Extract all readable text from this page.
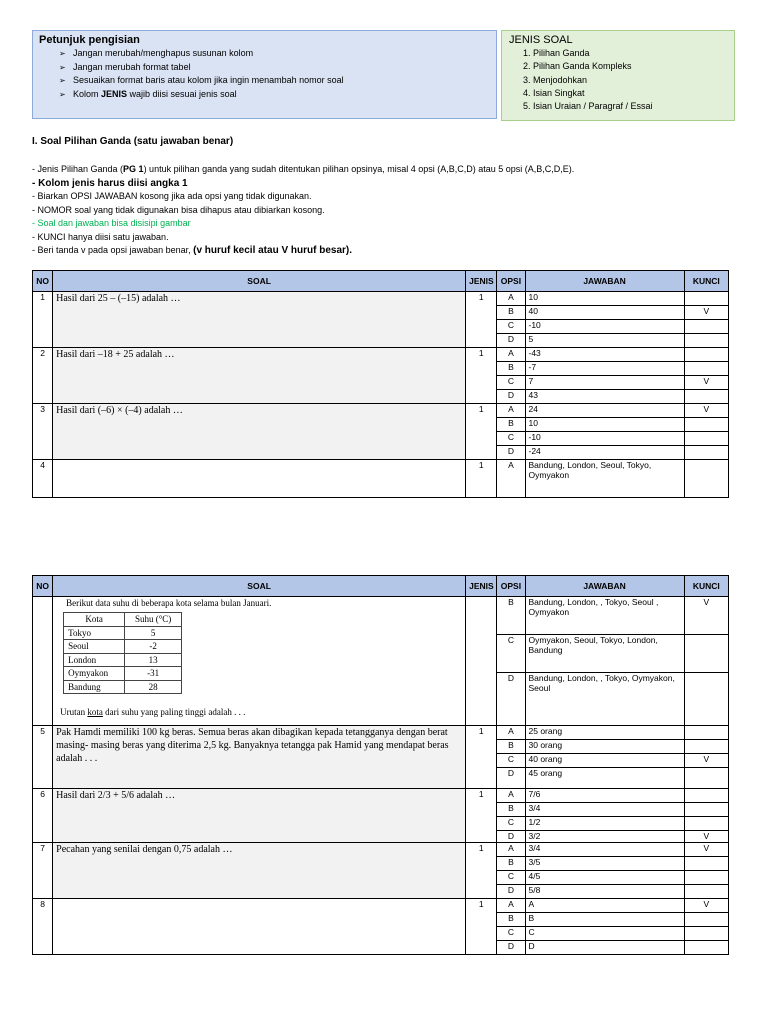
Petunjuk pengisian
➢ Jangan merubah/menghapus susunan kolom
➢ Jangan merubah format tabel
➢ Sesuaikan format baris atau kolom jika ingin menambah nomor soal
➢ Kolom JENIS wajib diisi sesuai jenis soal
JENIS SOAL
1. Pilihan Ganda
2. Pilihan Ganda Kompleks
3. Menjodohkan
4. Isian Singkat
5. Isian Uraian / Paragraf / Essai
I. Soal Pilihan Ganda (satu jawaban benar)
- Jenis Pilihan Ganda (PG 1) untuk pilihan ganda yang sudah ditentukan pilihan opsinya, misal 4 opsi (A,B,C,D) atau 5 opsi (A,B,C,D,E).
- Kolom jenis harus diisi angka 1
- Biarkan OPSI JAWABAN kosong jika ada opsi yang tidak digunakan.
- NOMOR soal yang tidak digunakan bisa dihapus atau dibiarkan kosong.
- Soal dan jawaban bisa disisipi gambar
- KUNCI hanya diisi satu jawaban.
- Beri tanda v pada opsi jawaban benar, (v huruf kecil atau V huruf besar).
NO	SOAL	JENIS	OPSI	JAWABAN	KUNCI
1	Hasil dari 25 – (–15) adalah …	1	A	10	
			B	40	V
			C	-10	
			D	5	
2	Hasil dari –18 + 25 adalah …	1	A	-43	
			B	-7	
			C	7	V
			D	43	
3	Hasil dari (–6) × (–4) adalah …	1	A	24	V
			B	10	
			C	-10	
			D	-24	
4		1	A	Bandung, London, Seoul, Tokyo, Oymyakon	
NO	SOAL	JENIS	OPSI	JAWABAN	KUNCI

Berikut data suhu di beberapa kota selama bulan Januari.
Kota	Suhu (°C)
Tokyo	5
Seoul	-2
London	13
Oymyakon	-31
Bandung	28
Urutan kota dari suhu yang paling tinggi adalah . . .
		B	Bandung, London, , Tokyo, Seoul , Oymyakon	V
C	Oymyakon, Seoul, Tokyo, London, Bandung	
D	Bandung, London, , Tokyo, Oymyakon, Seoul	
5	Pak Hamdi memiliki 100 kg beras. Semua beras akan dibagikan kepada tetangganya dengan berat masing- masing beras yang diterima 2,5 kg. Banyaknya tetangga pak Hamid yang mendapat beras adalah . . .	1	A	25 orang	
B	30 orang	
C	40 orang	V
D	45 orang	
6	Hasil dari 2/3 + 5/6 adalah …	1	A	7/6	
B	3/4	
C	1/2	
D	3/2	V
7	Pecahan yang senilai dengan 0,75 adalah …	1	A	3/4	V
B	3/5	
C	4/5	
D	5/8	
8		1	A	A	V
B	B	
C	C	
D	D	
